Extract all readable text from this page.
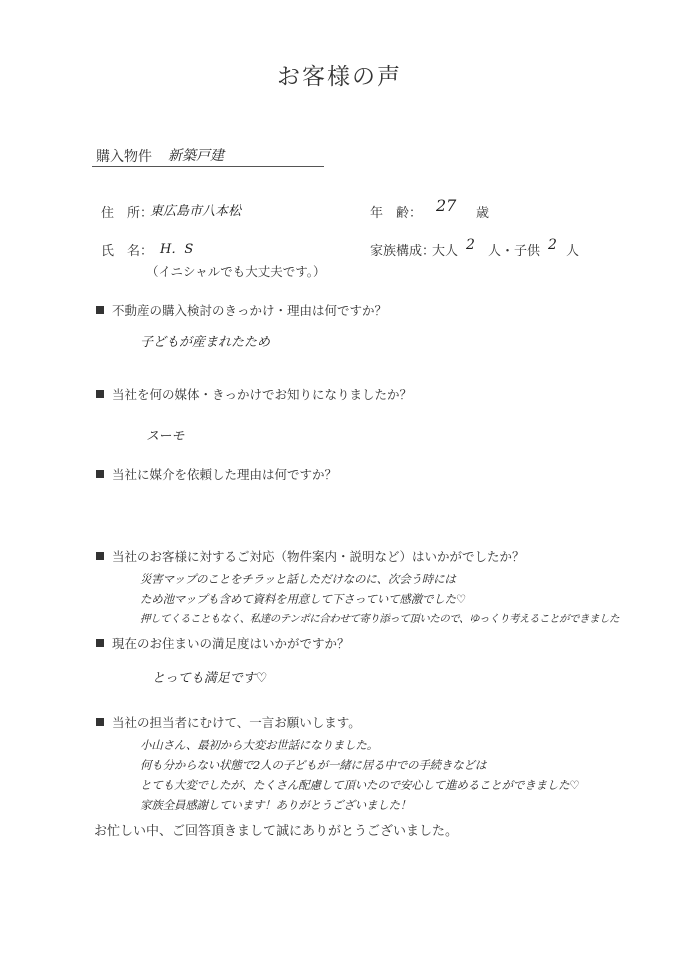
お客様の声
購入物件 新築戸建
住　所：
東広島市八本松	年　齢： 27 歳
氏　名： H．S
（イニシャルでも大丈夫です。）
家族構成：
大人 2 人・子供 2 人
不動産の購入検討のきっかけ・理由は何ですか？
子どもが産まれたため
当社を何の媒体・きっかけでお知りになりましたか？
スーモ
当社に媒介を依頼した理由は何ですか？
当社のお客様に対するご対応（物件案内・説明など）はいかがでしたか？
災害マップのことをチラッと話しただけなのに、次会う時には
ため池マップも含めて資料を用意して下さっていて感激でした♡
押してくることもなく、私達のテンポに合わせて寄り添って頂いたので、ゆっくり考えることができました
現在のお住まいの満足度はいかがですか？
とっても満足です♡
当社の担当者にむけて、一言お願いします。
小山さん、最初から大変お世話になりました。
何も分からない状態で2人の子どもが一緒に居る中での手続きなどは
とても大変でしたが、たくさん配慮して頂いたので安心して進めることができました♡
家族全員感謝しています！ありがとうございました！
お忙しい中、ご回答頂きまして誠にありがとうございました。
